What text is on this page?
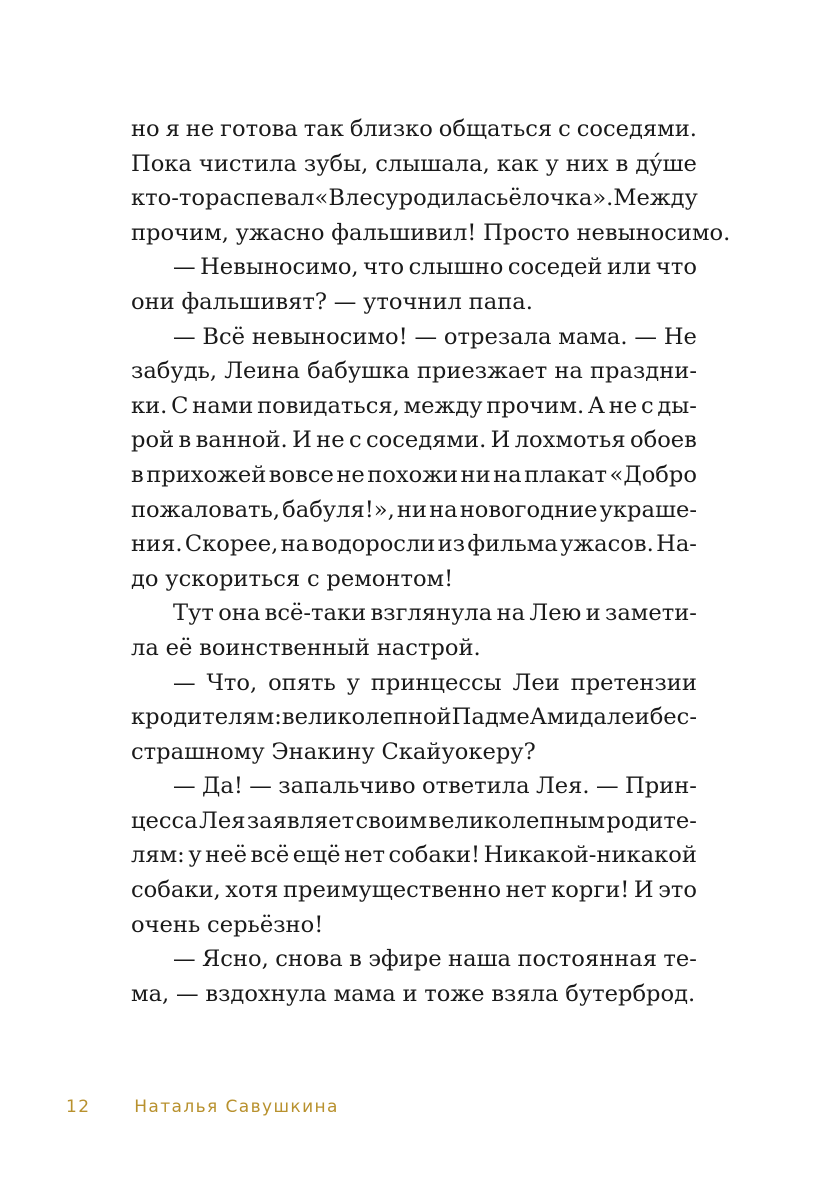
но я не готова так близко общаться с соседями.
Пока чистила зубы, слышала, как у них в ду́ше
кто-то распевал «В лесу родилась ёлочка». Между
прочим, ужасно фальшивил! Просто невыносимо.
— Невыносимо, что слышно соседей или что
они фальшивят? — уточнил папа.
— Всё невыносимо! — отрезала мама. — Не
забудь, Леина бабушка приезжает на праздни-
ки. С нами повидаться, между прочим. А не с ды-
рой в ванной. И не с соседями. И лохмотья обоев
в прихожей вовсе не похожи ни на плакат «Добро
пожаловать, бабуля!», ни на новогодние украше-
ния. Скорее, на водоросли из фильма ужасов. На-
до ускориться с ремонтом!
Тут она всё-таки взглянула на Лею и замети-
ла её воинственный настрой.
— Что, опять у принцессы Леи претензии
к родителям: великолепной Падме Амидале и бес-
страшному Энакину Скайуокеру?
— Да! — запальчиво ответила Лея. — Прин-
цесса Лея заявляет своим великолепным родите-
лям: у неё всё ещё нет собаки! Никакой-никакой
собаки, хотя преимущественно нет корги! И это
очень серьёзно!
— Ясно, снова в эфире наша постоянная те-
ма, — вздохнула мама и тоже взяла бутерброд.
12	Наталья Савушкина
